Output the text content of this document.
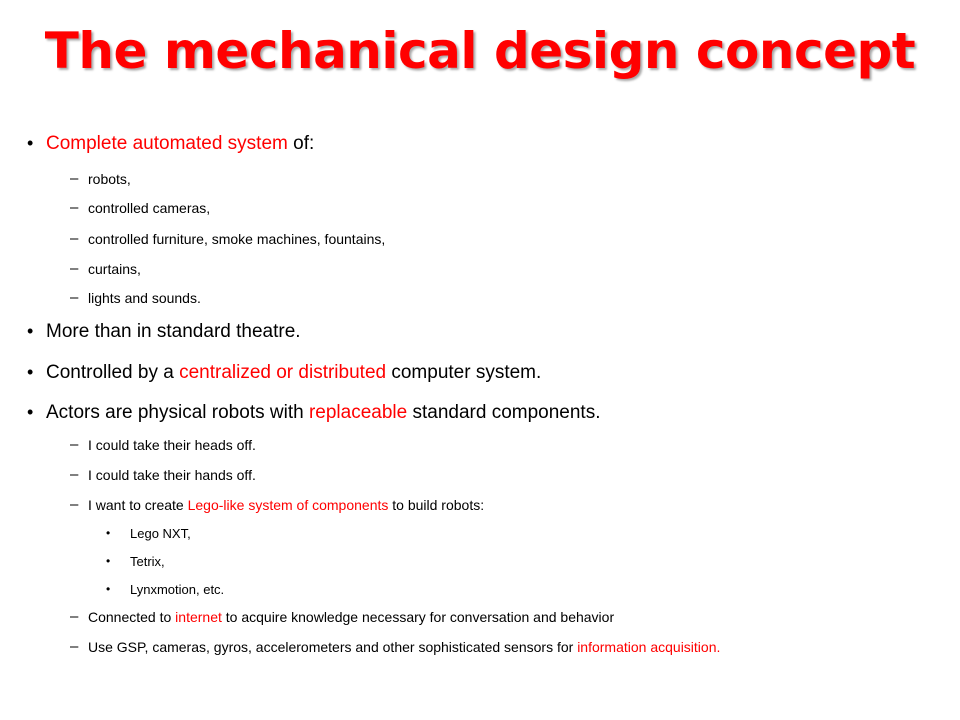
The mechanical design concept
• Complete automated system of:
– robots,
– controlled cameras,
– controlled furniture, smoke machines, fountains,
– curtains,
– lights and sounds.
• More than in standard theatre.
• Controlled by a centralized or distributed computer system.
• Actors are physical robots with replaceable standard components.
– I could take their heads off.
– I could take their hands off.
– I want to create Lego-like system of components to build robots:
• Lego NXT,
• Tetrix,
• Lynxmotion, etc.
– Connected to internet to acquire knowledge necessary for conversation and behavior
– Use GSP, cameras, gyros, accelerometers and other sophisticated sensors for information acquisition.
